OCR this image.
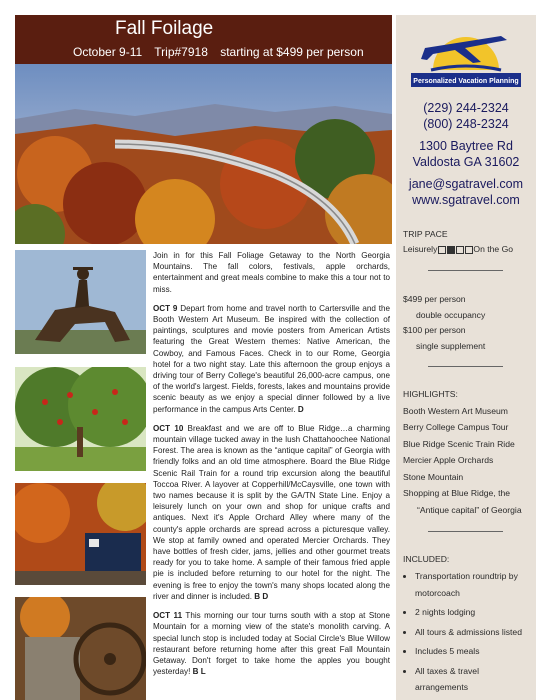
Fall Foilage
October 9-11 Trip#7918 starting at $499 per person
Personalized Vacation Planning
(229) 244-2324
(800) 248-2324
1300 Baytree Rd
Valdosta GA 31602
jane@sgatravel.com
www.sgatravel.com
TRIP PACE
Leisurely	On the Go
$499 per person
double occupancy
$100 per person
single supplement
HIGHLIGHTS:
Booth Western Art Museum
Berry College Campus Tour
Blue Ridge Scenic Train Ride
Mercier Apple Orchards
Stone Mountain
Shopping at Blue Ridge, the
“Antique capital” of Georgia
INCLUDED:
• Transportation roundtrip by motorcoach
• 2 nights lodging
• All tours & admissions listed
• Includes 5 meals
• All taxes & travel arrangements

Join in for this Fall Foliage Getaway to the North Georgia Mountains. The fall colors, festivals, apple orchards, entertainment and great meals combine to make this a tour not to miss.

OCT 9 Depart from home and travel north to Cartersville and the Booth Western Art Museum. Be inspired with the collection of paintings, sculptures and movie posters from American Artists featuring the Great Western themes: Native American, the Cowboy, and Famous Faces. Check in to our Rome, Georgia hotel for a two night stay. Late this afternoon the group enjoys a driving tour of Berry College's beautiful 26,000-acre campus, one of the world's largest. Fields, forests, lakes and mountains provide scenic beauty as we enjoy a special dinner followed by a live performance in the campus Arts Center. D

OCT 10 Breakfast and we are off to Blue Ridge…a charming mountain village tucked away in the lush Chattahoochee National Forest. The area is known as the “antique capital” of Georgia with friendly folks and an old time atmosphere. Board the Blue Ridge Scenic Rail Train for a round trip excursion along the beautiful Toccoa River. A layover at Copperhill/McCaysville, one town with two names because it is split by the GA/TN State Line. Enjoy a leisurely lunch on your own and shop for unique crafts and antiques. Next it's Apple Orchard Alley where many of the county's apple orchards are spread across a picturesque valley. We stop at family owned and operated Mercier Orchards. They have bottles of fresh cider, jams, jellies and other gourmet treats ready for you to take home. A sample of their famous fried apple pie is included before returning to our hotel for the night. The evening is free to enjoy the town's many shops located along the river and dinner is included. B D

OCT 11 This morning our tour turns south with a stop at Stone Mountain for a morning view of the state's monolith carving. A special lunch stop is included today at Social Circle's Blue Willow restaurant before returning home after this great Fall Mountain Getaway. Don't forget to take home the apples you bought yesterday! B L
